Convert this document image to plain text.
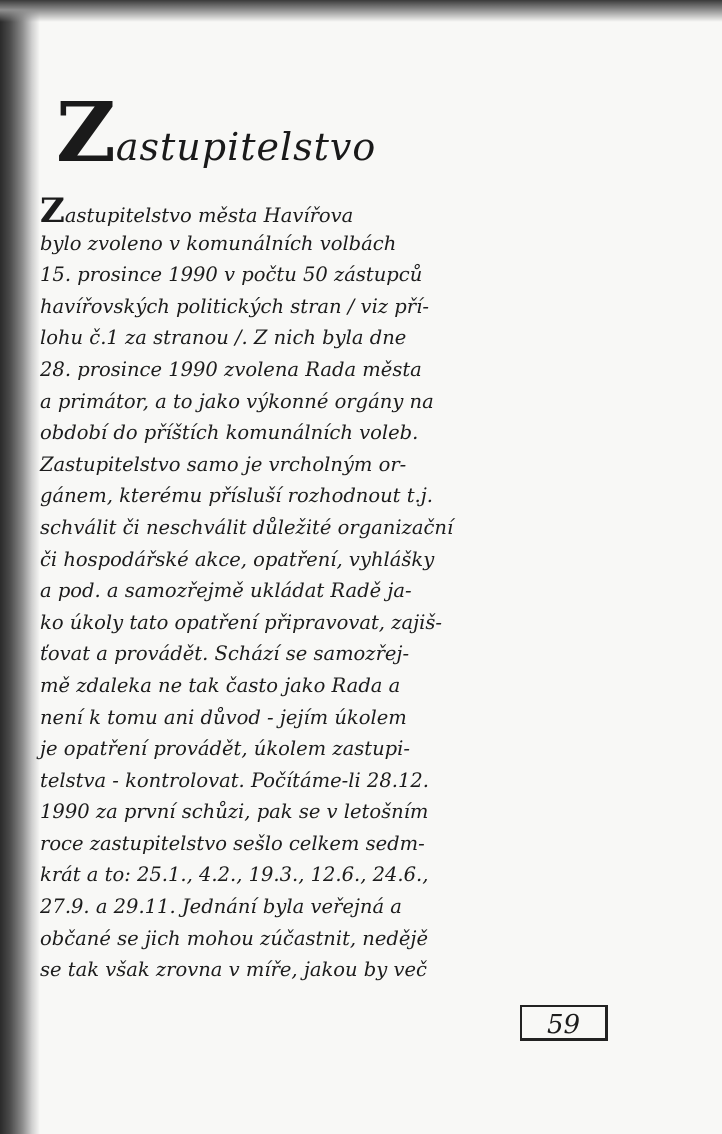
Zastupitelstvo
Zastupitelstvo města Havířova
bylo zvoleno v komunálních volbách
15. prosince 1990 v počtu 50 zástupců
havířovských politických stran / viz pří-
lohu č.1 za stranou /. Z nich byla dne
28. prosince 1990 zvolena Rada města
a primátor, a to jako výkonné orgány na
období do příštích komunálních voleb.
Zastupitelstvo samo je vrcholným or-
gánem, kterému přísluší rozhodnout t.j.
schválit či neschválit důležité organizační
či hospodářské akce, opatření, vyhlášky
a pod. a samozřejmě ukládat Radě ja-
ko úkoly tato opatření připravovat, zajiš-
ťovat a provádět. Schází se samozřej-
mě zdaleka ne tak často jako Rada a
není k tomu ani důvod - jejím úkolem
je opatření provádět, úkolem zastupi-
telstva - kontrolovat. Počítáme-li 28.12.
1990 za první schůzi, pak se v letošním
roce zastupitelstvo sešlo celkem sedm-
krát a to: 25.1., 4.2., 19.3., 12.6., 24.6.,
27.9. a 29.11. Jednání byla veřejná a
občané se jich mohou zúčastnit, nedějě
se tak však zrovna v míře, jakou by več
59
